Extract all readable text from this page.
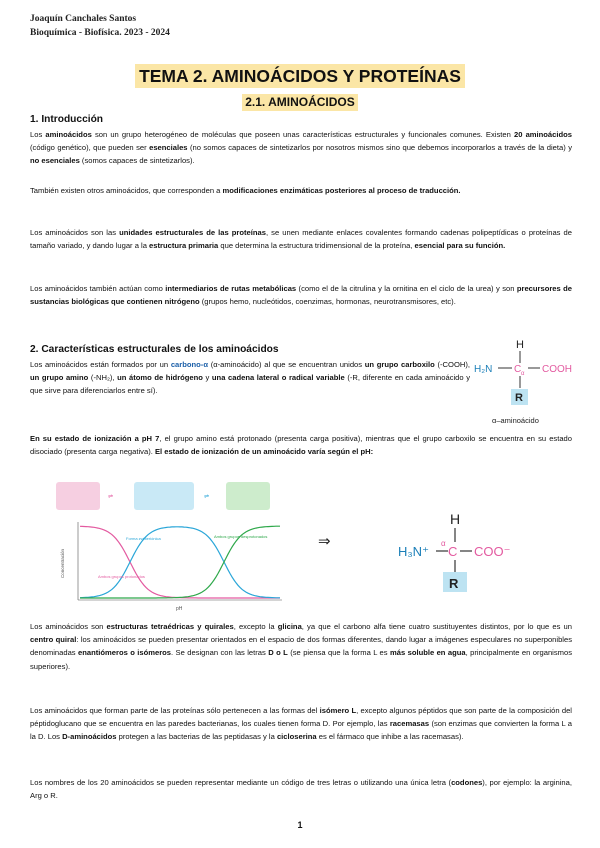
Joaquín Canchales Santos
Bioquímica - Biofísica. 2023 - 2024
TEMA 2. AMINOÁCIDOS Y PROTEÍNAS
2.1. AMINOÁCIDOS
1. Introducción
Los aminoácidos son un grupo heterogéneo de moléculas que poseen unas características estructurales y funcionales comunes. Existen 20 aminoácidos (código genético), que pueden ser esenciales (no somos capaces de sintetizarlos por nosotros mismos sino que debemos incorporarlos a través de la dieta) y no esenciales (somos capaces de sintetizarlos).
También existen otros aminoácidos, que corresponden a modificaciones enzimáticas posteriores al proceso de traducción.
Los aminoácidos son las unidades estructurales de las proteínas, se unen mediante enlaces covalentes formando cadenas polipeptídicas o proteínas de tamaño variado, y dando lugar a la estructura primaria que determina la estructura tridimensional de la proteína, esencial para su función.
Los aminoácidos también actúan como intermediarios de rutas metabólicas (como el de la citrulina y la ornitina en el ciclo de la urea) y son precursores de sustancias biológicas que contienen nitrógeno (grupos hemo, nucleótidos, coenzimas, hormonas, neurotransmisores, etc).
2. Características estructurales de los aminoácidos
Los aminoácidos están formados por un carbono-α (α-aminoácido) al que se encuentran unidos un grupo carboxilo (-COOH), un grupo amino (-NH₂), un átomo de hidrógeno y una cadena lateral o radical variable (-R, diferente en cada aminoácido y que sirve para diferenciarlos entre sí).
H
H₂N C α COOH
R
α–aminoácido
En su estado de ionización a pH 7, el grupo amino está protonado (presenta carga positiva), mientras que el grupo carboxilo se encuentra en su estado disociado (presenta carga negativa). El estado de ionización de un aminoácido varía según el pH:
⇌	⇌
Concentración
pH
Forma zwitteriónica	Ambos grupos desprotonados
Ambos grupos protonados
⇒
H
H₃N⁺
α
C COO⁻
R
Los aminoácidos son estructuras tetraédricas y quirales, excepto la glicina, ya que el carbono alfa tiene cuatro sustituyentes distintos, por lo que es un centro quiral: los aminoácidos se pueden presentar orientados en el espacio de dos formas diferentes, dando lugar a imágenes especulares no superponibles denominadas enantiómeros o isómeros. Se designan con las letras D o L (se piensa que la forma L es más soluble en agua, principalmente en organismos superiores).
Los aminoácidos que forman parte de las proteínas sólo pertenecen a las formas del isómero L, excepto algunos péptidos que son parte de la composición del péptidoglucano que se encuentra en las paredes bacterianas, los cuales tienen forma D. Por ejemplo, las racemasas (son enzimas que convierten la forma L a la D. Los D-aminoácidos protegen a las bacterias de las peptidasas y la cicloserina es el fármaco que inhibe a las racemasas).
Los nombres de los 20 aminoácidos se pueden representar mediante un código de tres letras o utilizando una única letra (codones), por ejemplo: la arginina, Arg o R.
1
